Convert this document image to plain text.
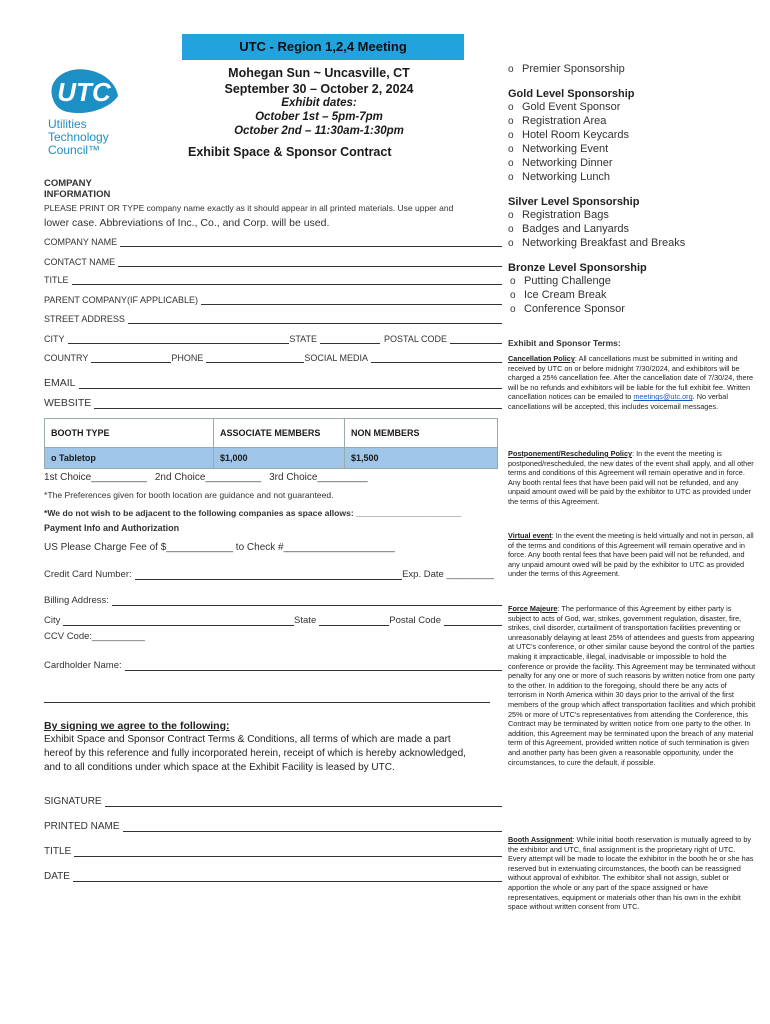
UTC - Region 1,2,4 Meeting
UTC
Utilities
Technology
Council™
Mohegan Sun ~ Uncasville, CT
September 30 – October 2, 2024
Exhibit dates:
October 1st – 5pm-7pm
October 2nd – 11:30am-1:30pm
Exhibit Space & Sponsor Contract
COMPANY
INFORMATION
PLEASE PRINT OR TYPE company name exactly as it should appear in all printed materials. Use upper and
lower case. Abbreviations of Inc., Co., and Corp. will be used.
COMPANY NAME
CONTACT NAME
TITLE
PARENT COMPANY(IF APPLICABLE)
STREET ADDRESS
CITY	STATE	POSTAL CODE
COUNTRY	PHONE	SOCIAL MEDIA
EMAIL
WEBSITE
BOOTH TYPE	ASSOCIATE MEMBERS	NON MEMBERS
o Tabletop	$1,000	$1,500
1st Choice__________ 2nd Choice__________ 3rd Choice_________
*The Preferences given for booth location are guidance and not guaranteed.
*We do not wish to be adjacent to the following companies as space allows: ______________________
Payment Info and Authorization
US Please Charge Fee of $____________ to Check #____________________
Credit Card Number:	Exp. Date _________
Billing Address:
City	State	Postal Code
CCV Code:__________
Cardholder Name:
By signing we agree to the following:
Exhibit Space and Sponsor Contract Terms & Conditions, all terms of which are made a part
hereof by this reference and fully incorporated herein, receipt of which is hereby acknowledged,
and to all conditions under which space at the Exhibit Facility is leased by UTC.
SIGNATURE
PRINTED NAME
TITLE
DATE
o Premier Sponsorship
Gold Level Sponsorship
o Gold Event Sponsor
o Registration Area
o Hotel Room Keycards
o Networking Event
o Networking Dinner
o Networking Lunch
Silver Level Sponsorship
o Registration Bags
o Badges and Lanyards
o Networking Breakfast and Breaks
Bronze Level Sponsorship
o Putting Challenge
o Ice Cream Break
o Conference Sponsor
Exhibit and Sponsor Terms:
Cancellation Policy: All cancellations must be submitted in writing and received by UTC on or before midnight 7/30/2024, and exhibitors will be charged a 25% cancellation fee. After the cancellation date of 7/30/24, there will be no refunds and exhibitors will be liable for the full exhibit fee. Written cancellation notices can be emailed to meetings@utc.org. No verbal cancellations will be accepted, this includes voicemail messages.
Postponement/Rescheduling Policy: In the event the meeting is postponed/rescheduled, the new dates of the event shall apply, and all other terms and conditions of this Agreement will remain operative and in force. Any booth rental fees that have been paid will not be refunded, and any unpaid amount owed will be paid by the exhibitor to UTC as provided under the terms of this Agreement.
Virtual event: In the event the meeting is held virtually and not in person, all of the terms and conditions of this Agreement will remain operative and in force. Any booth rental fees that have been paid will not be refunded, and any unpaid amount owed will be paid by the exhibitor to UTC as provided under the terms of this Agreement.
Force Majeure: The performance of this Agreement by either party is subject to acts of God, war, strikes, government regulation, disaster, fire, strikes, civil disorder, curtailment of transportation facilities preventing or unreasonably delaying at least 25% of attendees and guests from appearing at UTC's conference, or other similar cause beyond the control of the parties making it impracticable, illegal, inadvisable or impossible to hold the conference or provide the facility. This Agreement may be terminated without penalty for any one or more of such reasons by written notice from one party to the other. In addition to the foregoing, should there be any acts of terrorism in North America within 30 days prior to the arrival of the first members of the group which affect transportation facilities and which prohibit 25% or more of UTC's representatives from attending the Conference, this Contract may be terminated by written notice from one party to the other. In addition, this Agreement may be terminated upon the breach of any material term of this Agreement, provided written notice of such termination is given and another party has been given a reasonable opportunity, under the circumstances, to cure the default, if possible.
Booth Assignment: While initial booth reservation is mutually agreed to by the exhibitor and UTC, final assignment is the proprietary right of UTC. Every attempt will be made to locate the exhibitor in the booth he or she has reserved but in extenuating circumstances, the booth can be reassigned without approval of exhibitor. The exhibitor shall not assign, sublet or apportion the whole or any part of the space assigned or have representatives, equipment or materials other than his own in the exhibit space without written consent from UTC.
